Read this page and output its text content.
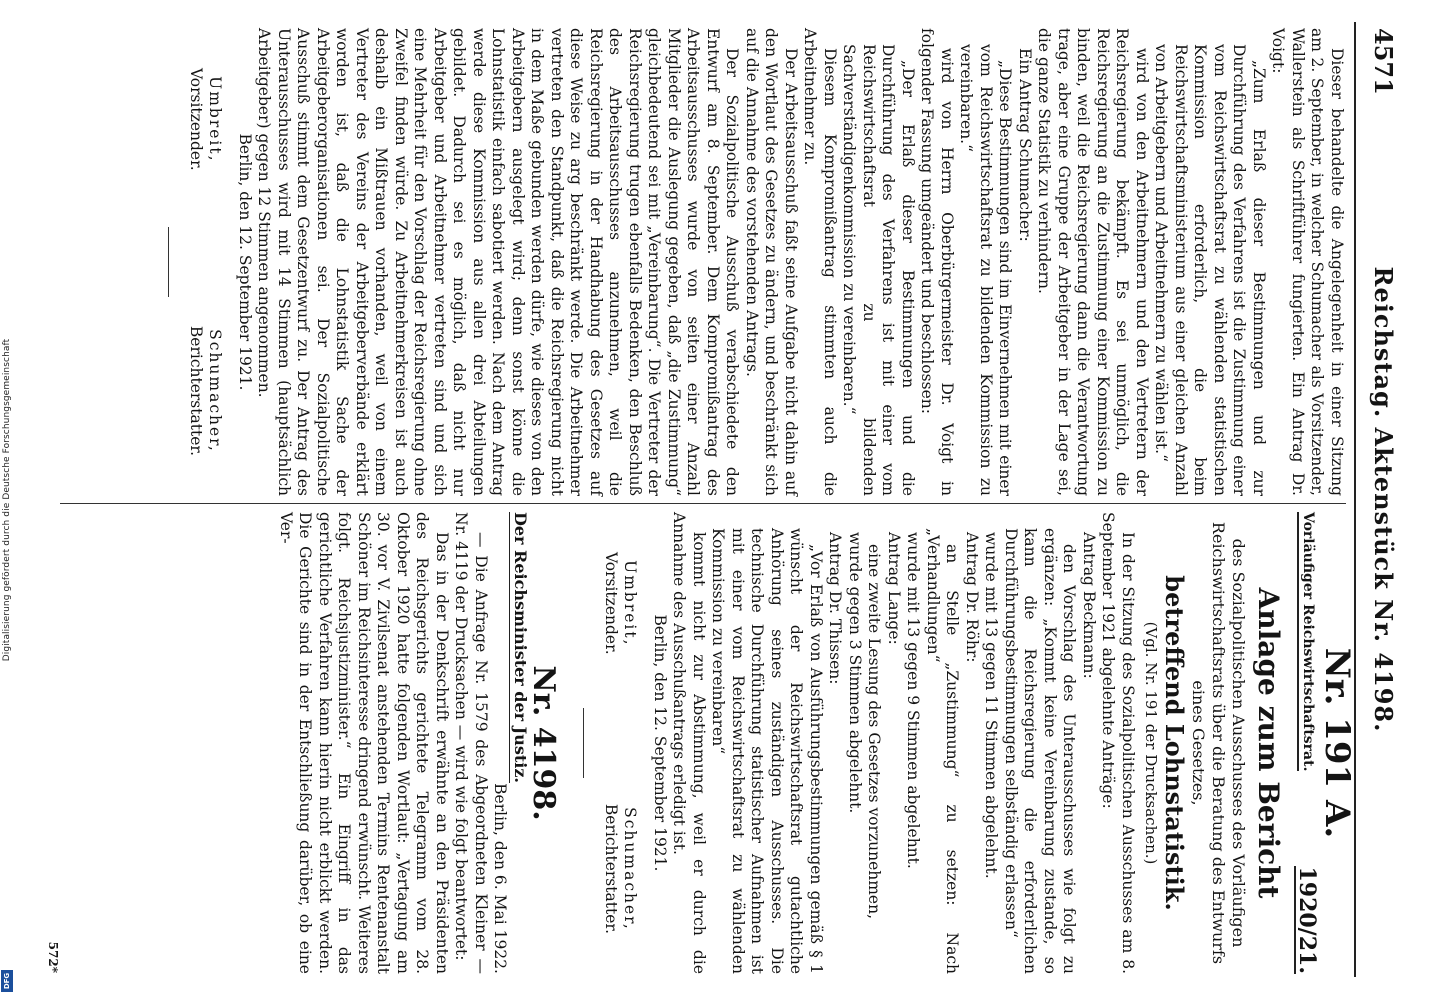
Digitalisierung gefördert durch die Deutsche Forschungsgemeinschaft
DFG
4571
Reichstag. Aktenstück Nr. 4198.

Dieser behandelte die Angelegenheit in einer Sitzung am 2. September, in welcher Schumacher als Vorsitzender, Wallerstein als Schriftführer fungierten. Ein Antrag Dr. Voigt:

„Zum Erlaß dieser Bestimmungen und zur Durchführung des Verfahrens ist die Zustimmung einer vom Reichswirtschaftsrat zu wählenden statistischen Kommission erforderlich, die beim Reichswirtschaftsministerium aus einer gleichen Anzahl von Arbeitgebern und Arbeitnehmern zu wählen ist.“

wird von den Arbeitnehmern und den Vertretern der Reichsregierung bekämpft. Es sei unmöglich, die Reichsregierung an die Zustimmung einer Kommission zu binden, weil die Reichsregierung dann die Verantwortung trage, aber eine Gruppe der Arbeitgeber in der Lage sei, die ganze Statistik zu verhindern.

Ein Antrag Schumacher:

„Diese Bestimmungen sind im Einvernehmen mit einer vom Reichswirtschaftsrat zu bildenden Kommission zu vereinbaren.“

wird von Herrn Oberbürgermeister Dr. Voigt in folgender Fassung umgeändert und beschlossen:

„Der Erlaß dieser Bestimmungen und die Durchführung des Verfahrens ist mit einer vom Reichswirtschaftsrat zu bildenden Sachverständigenkommission zu vereinbaren.“

Diesem Kompromißantrag stimmten auch die Arbeitnehmer zu.

Der Arbeitsausschuß faßt seine Aufgabe nicht dahin auf den Wortlaut des Gesetzes zu ändern, und beschränkt sich auf die Annahme des vorstehenden Antrags.

Der Sozialpolitische Ausschuß verabschiedete den Entwurf am 8. September. Dem Kompromißantrag des Arbeitsausschusses wurde von seiten einer Anzahl Mitglieder die Auslegung gegeben, daß „die Zustimmung“ gleichbedeutend sei mit „Vereinbarung“. Die Vertreter der Reichsregierung trugen ebenfalls Bedenken, den Beschluß des Arbeitsausschusses anzunehmen, weil die Reichsregierung in der Handhabung des Gesetzes auf diese Weise zu arg beschränkt werde. Die Arbeitnehmer vertreten den Standpunkt, daß die Reichsregierung nicht in dem Maße gebunden werden dürfe, wie dieses von den Arbeitgebern ausgelegt wird; denn sonst könne die Lohnstatistik einfach sabotiert werden. Nach dem Antrag werde diese Kommission aus allen drei Abteilungen gebildet. Dadurch sei es möglich, daß nicht nur Arbeitgeber und Arbeitnehmer vertreten sind und sich eine Mehrheit für den Vorschlag der Reichsregierung ohne Zweifel finden würde. Zu Arbeitnehmerkreisen ist auch deshalb ein Mißtrauen vorhanden, weil von einem Vertreter des Vereins der Arbeitgeberverbände erklärt worden ist, daß die Lohnstatistik Sache der Arbeitgeberorganisationen sei. Der Sozialpolitische Ausschuß stimmt dem Gesetzentwurf zu. Der Antrag des Unterausschusses wird mit 14 Stimmen (hauptsächlich Arbeitgeber) gegen 12 Stimmen angenommen.

Berlin, den 12. September 1921.

Umbreit,
Vorsitzender.
Schumacher,
Berichterstatter.
Vorläufiger Reichswirtschaftsrat. Nr. 191 A.
1920/21.
Anlage zum Bericht
des Sozialpolitischen Ausschusses des Vorläufigen Reichswirtschaftsrats über die Beratung des Entwurfs eines Gesetzes,
betreffend Lohnstatistik.
(Vgl. Nr. 191 der Drucksachen.)

In der Sitzung des Sozialpolitischen Ausschusses am 8. September 1921 abgelehnte Anträge:

Antrag Beckmann:

den Vorschlag des Unterausschusses wie folgt zu ergänzen: „Kommt keine Vereinbarung zustande, so kann die Reichsregierung die erforderlichen Durchführungsbestimmungen selbständig erlassen“

wurde mit 13 gegen 11 Stimmen abgelehnt.

Antrag Dr. Röhr:

an Stelle „Zustimmung“ zu setzen: Nach „Verhandlungen“

wurde mit 13 gegen 9 Stimmen abgelehnt.

Antrag Lange:

eine zweite Lesung des Gesetzes vorzunehmen,

wurde gegen 3 Stimmen abgelehnt.

Antrag Dr. Thissen:

„Vor Erlaß von Ausführungsbestimmungen gemäß § 1 wünscht der Reichswirtschaftsrat gutachtliche Anhörung seines zuständigen Ausschusses. Die technische Durchführung statistischer Aufnahmen ist mit einer vom Reichswirtschaftsrat zu wählenden Kommission zu vereinbaren“

kommt nicht zur Abstimmung, weil er durch die Annahme des Ausschußantrags erledigt ist.

Berlin, den 12. September 1921.

Umbreit,
Vorsitzender.
Schumacher,
Berichterstatter.
Nr. 4198.
Der Reichsminister der Justiz.

Berlin, den 6. Mai 1922.

— Die Anfrage Nr. 1579 des Abgeordneten Kleiner — Nr. 4119 der Drucksachen — wird wie folgt beantwortet:

Das in der Denkschrift erwähnte an den Präsidenten des Reichsgerichts gerichtete Telegramm vom 28. Oktober 1920 hatte folgenden Wortlaut: „Vertagung am 30. vor V. Zivilsenat anstehenden Termins Rentenanstalt Schöner im Reichsinteresse dringend erwünscht. Weiteres folgt. Reichsjustizminister.“ Ein Eingriff in das gerichtliche Verfahren kann hierin nicht erblickt werden. Die Gerichte sind in der Entschließung darüber, ob eine Ver-

572*
